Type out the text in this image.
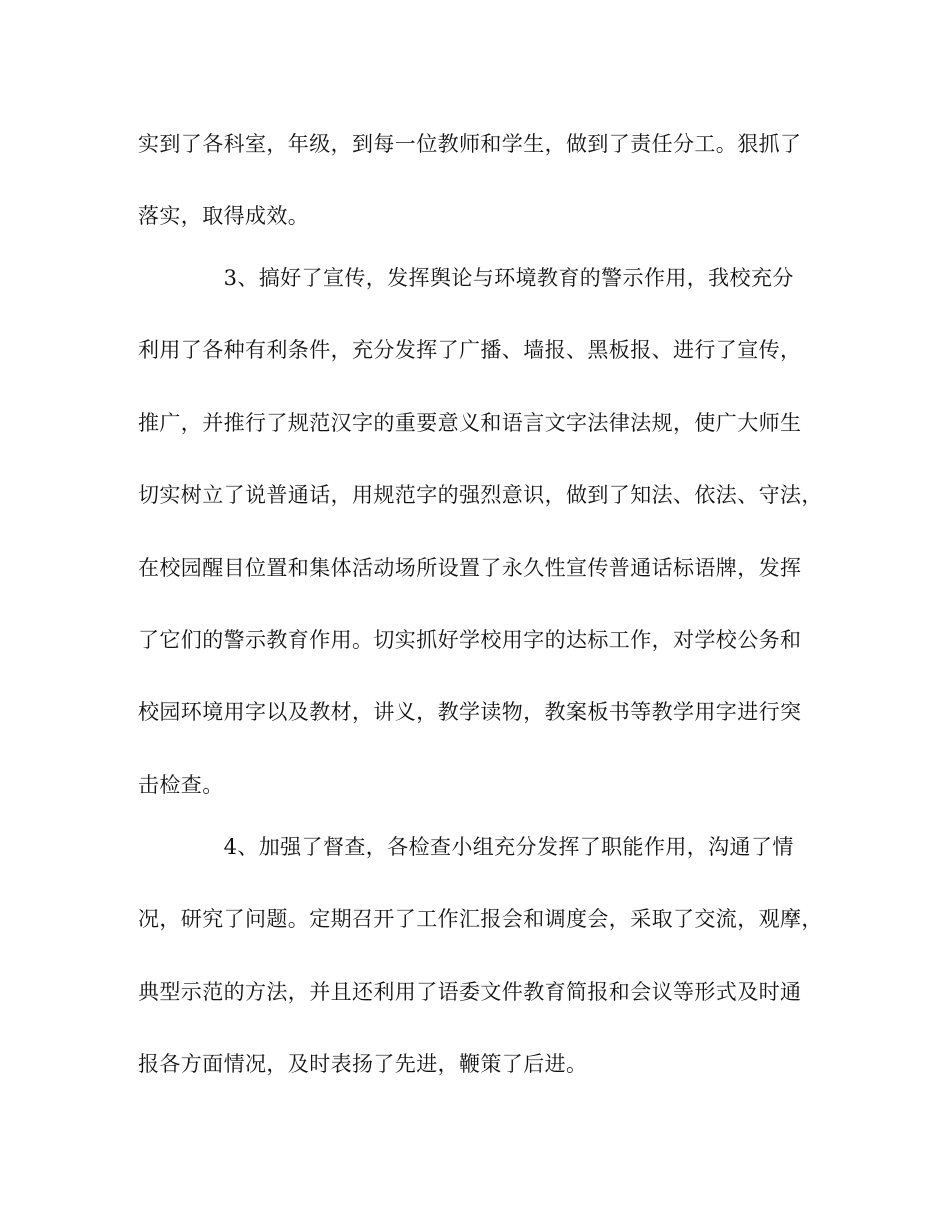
实到了各科室，年级，到每一位教师和学生，做到了责任分工。狠抓了
落实，取得成效。
　　　　3、搞好了宣传，发挥舆论与环境教育的警示作用，我校充分
利用了各种有利条件，充分发挥了广播、墙报、黑板报、进行了宣传，
推广，并推行了规范汉字的重要意义和语言文字法律法规，使广大师生
切实树立了说普通话，用规范字的强烈意识，做到了知法、依法、守法，
在校园醒目位置和集体活动场所设置了永久性宣传普通话标语牌，发挥
了它们的警示教育作用。切实抓好学校用字的达标工作，对学校公务和
校园环境用字以及教材，讲义，教学读物，教案板书等教学用字进行突
击检查。
　　　　4、加强了督查，各检查小组充分发挥了职能作用，沟通了情
况，研究了问题。定期召开了工作汇报会和调度会，采取了交流，观摩，
典型示范的方法，并且还利用了语委文件教育简报和会议等形式及时通
报各方面情况，及时表扬了先进，鞭策了后进。
